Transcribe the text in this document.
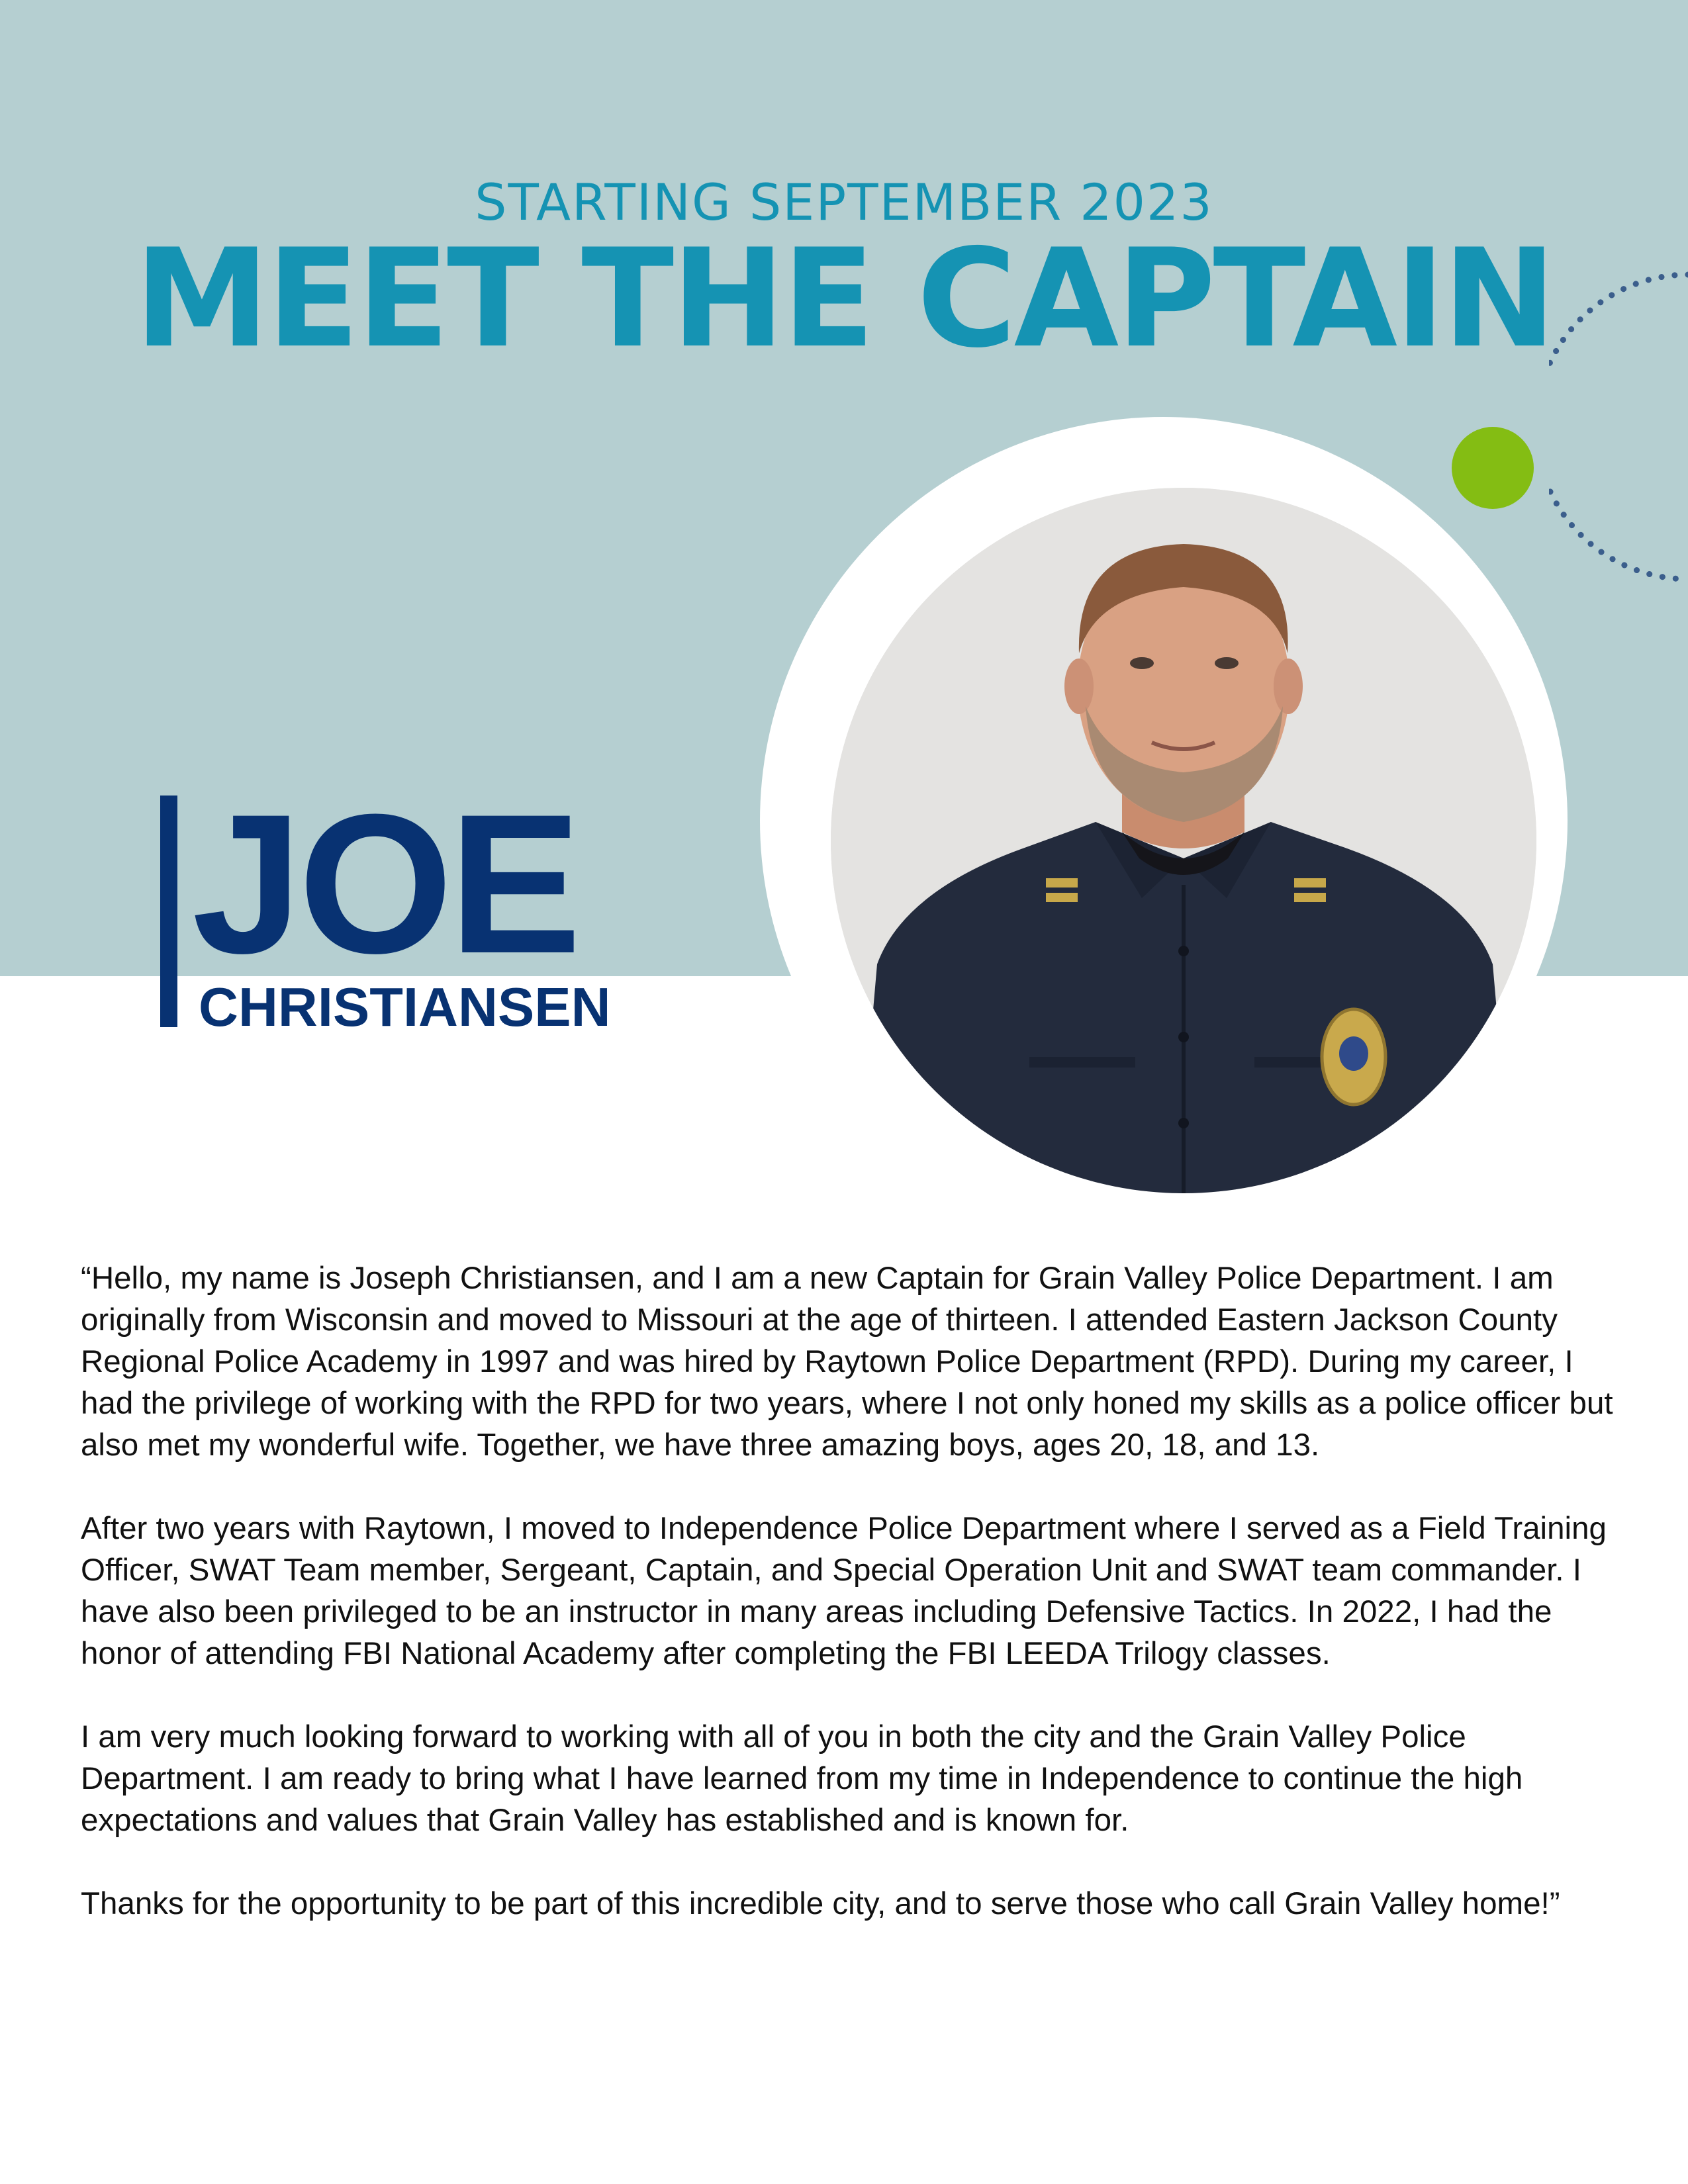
STARTING SEPTEMBER 2023
MEET THE CAPTAIN
JOE
CHRISTIANSEN

“Hello, my name is Joseph Christiansen, and I am a new Captain for Grain Valley Police Department. I am originally from Wisconsin and moved to Missouri at the age of thirteen. I attended Eastern Jackson County Regional Police Academy in 1997 and was hired by Raytown Police Department (RPD). During my career, I had the privilege of working with the RPD for two years, where I not only honed my skills as a police officer but also met my wonderful wife. Together, we have three amazing boys, ages 20, 18, and 13.

After two years with Raytown, I moved to Independence Police Department where I served as a Field Training Officer, SWAT Team member, Sergeant, Captain, and Special Operation Unit and SWAT team commander. I have also been privileged to be an instructor in many areas including Defensive Tactics. In 2022, I had the honor of attending FBI National Academy after completing the FBI LEEDA Trilogy classes.

I am very much looking forward to working with all of you in both the city and the Grain Valley Police Department. I am ready to bring what I have learned from my time in Independence to continue the high expectations and values that Grain Valley has established and is known for.

Thanks for the opportunity to be part of this incredible city, and to serve those who call Grain Valley home!”
